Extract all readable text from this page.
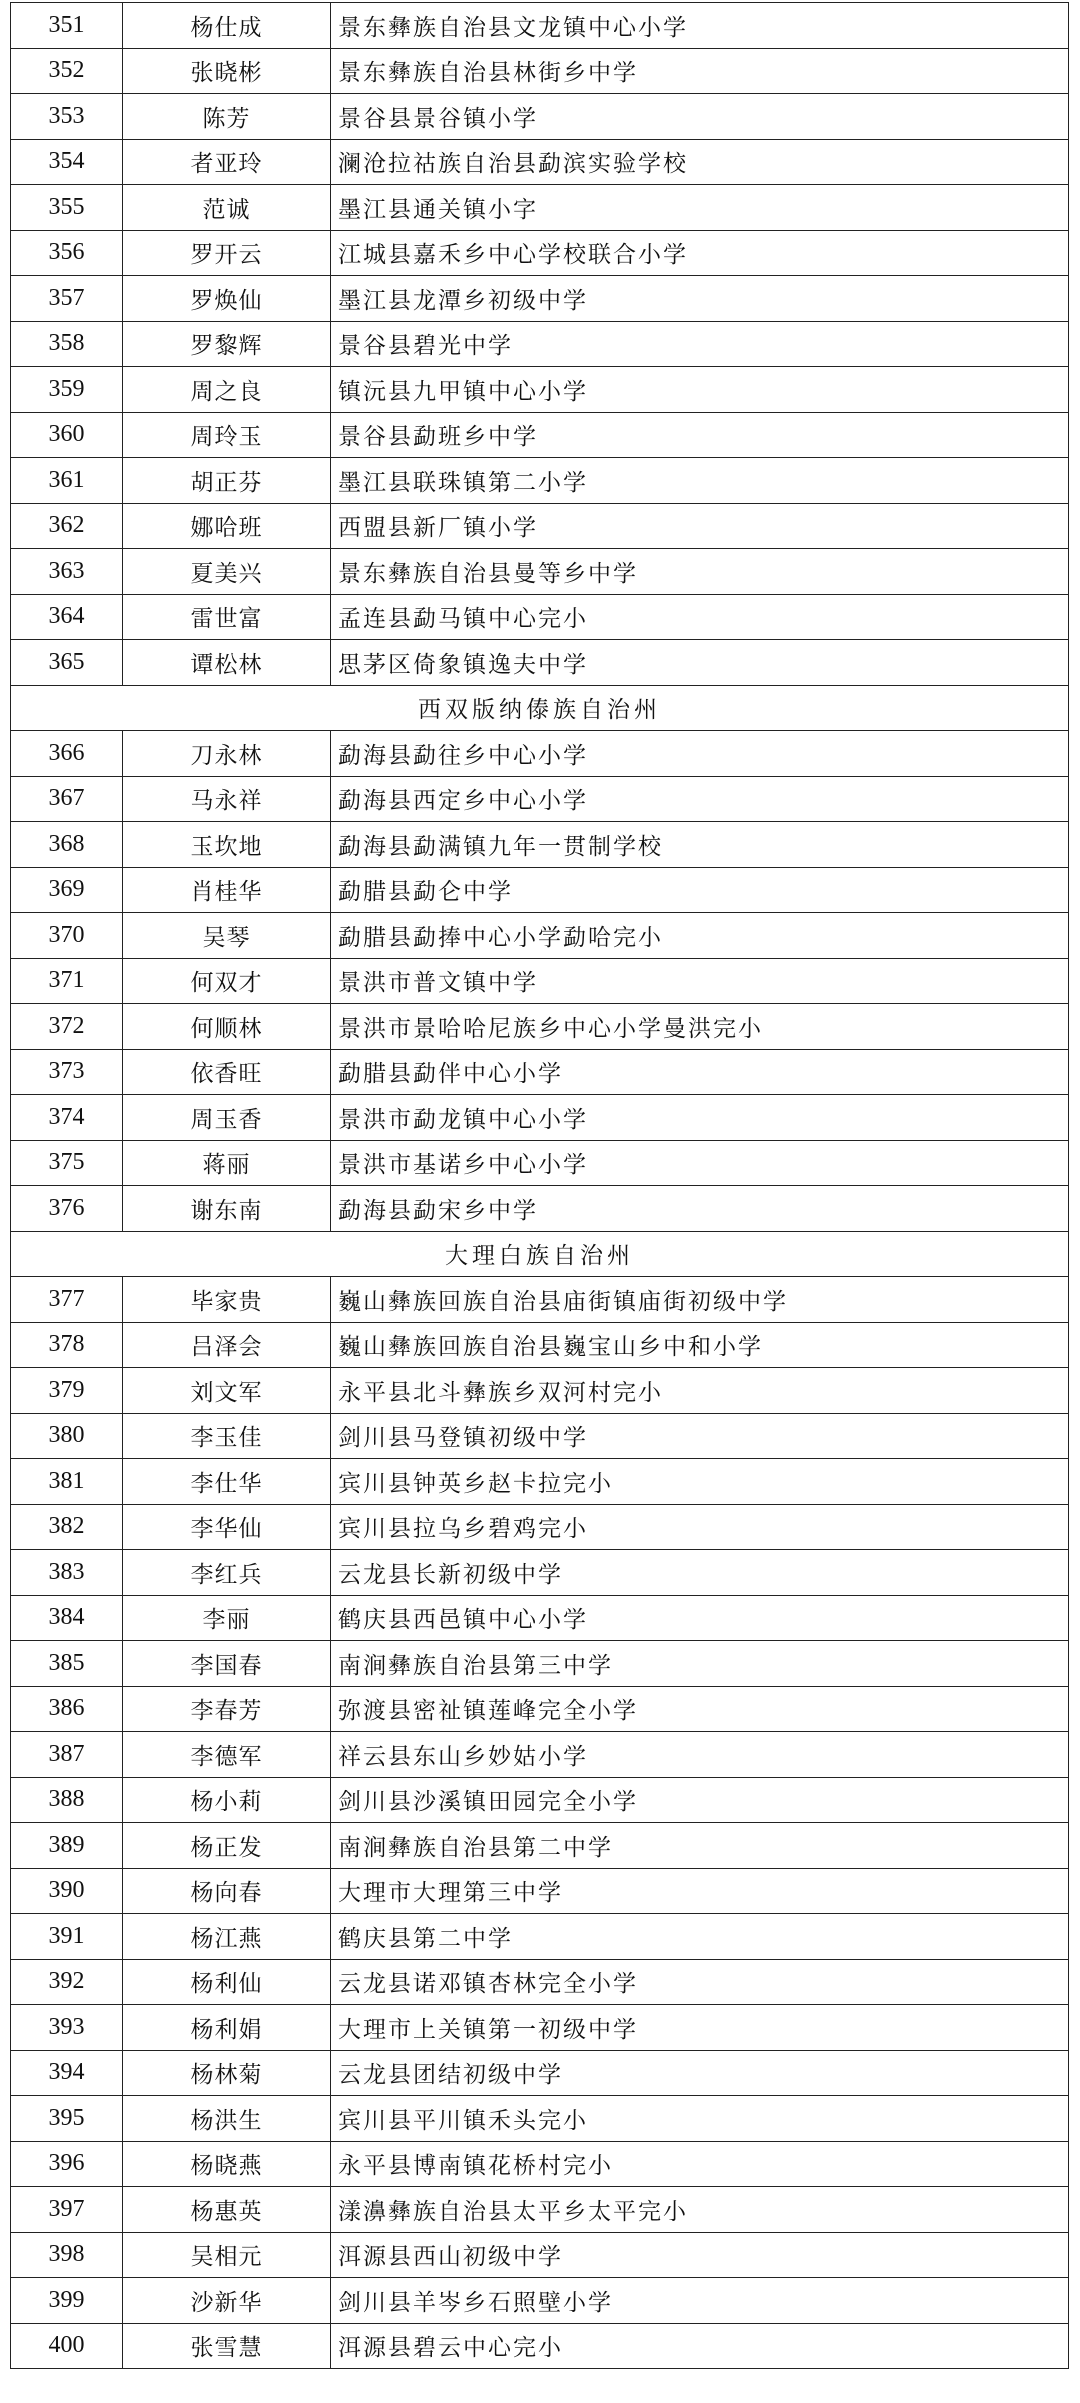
351	杨仕成	景东彝族自治县文龙镇中心小学
352	张晓彬	景东彝族自治县林街乡中学
353	陈芳	景谷县景谷镇小学
354	者亚玲	澜沧拉祜族自治县勐滨实验学校
355	范诚	墨江县通关镇小字
356	罗开云	江城县嘉禾乡中心学校联合小学
357	罗焕仙	墨江县龙潭乡初级中学
358	罗黎辉	景谷县碧光中学
359	周之良	镇沅县九甲镇中心小学
360	周玲玉	景谷县勐班乡中学
361	胡正芬	墨江县联珠镇第二小学
362	娜哈班	西盟县新厂镇小学
363	夏美兴	景东彝族自治县曼等乡中学
364	雷世富	孟连县勐马镇中心完小
365	谭松林	思茅区倚象镇逸夫中学
西双版纳傣族自治州		
366	刀永林	勐海县勐往乡中心小学
367	马永祥	勐海县西定乡中心小学
368	玉坎地	勐海县勐满镇九年一贯制学校
369	肖桂华	勐腊县勐仑中学
370	吴琴	勐腊县勐捧中心小学勐哈完小
371	何双才	景洪市普文镇中学
372	何顺林	景洪市景哈哈尼族乡中心小学曼洪完小
373	依香旺	勐腊县勐伴中心小学
374	周玉香	景洪市勐龙镇中心小学
375	蒋丽	景洪市基诺乡中心小学
376	谢东南	勐海县勐宋乡中学
大理白族自治州		
377	毕家贵	巍山彝族回族自治县庙街镇庙街初级中学
378	吕泽会	巍山彝族回族自治县巍宝山乡中和小学
379	刘文军	永平县北斗彝族乡双河村完小
380	李玉佳	剑川县马登镇初级中学
381	李仕华	宾川县钟英乡赵卡拉完小
382	李华仙	宾川县拉乌乡碧鸡完小
383	李红兵	云龙县长新初级中学
384	李丽	鹤庆县西邑镇中心小学
385	李国春	南涧彝族自治县第三中学
386	李春芳	弥渡县密祉镇莲峰完全小学
387	李德军	祥云县东山乡妙姑小学
388	杨小莉	剑川县沙溪镇田园完全小学
389	杨正发	南涧彝族自治县第二中学
390	杨向春	大理市大理第三中学
391	杨江燕	鹤庆县第二中学
392	杨利仙	云龙县诺邓镇杏林完全小学
393	杨利娟	大理市上关镇第一初级中学
394	杨林菊	云龙县团结初级中学
395	杨洪生	宾川县平川镇禾头完小
396	杨晓燕	永平县博南镇花桥村完小
397	杨惠英	漾濞彝族自治县太平乡太平完小
398	吴相元	洱源县西山初级中学
399	沙新华	剑川县羊岑乡石照壁小学
400	张雪慧	洱源县碧云中心完小
